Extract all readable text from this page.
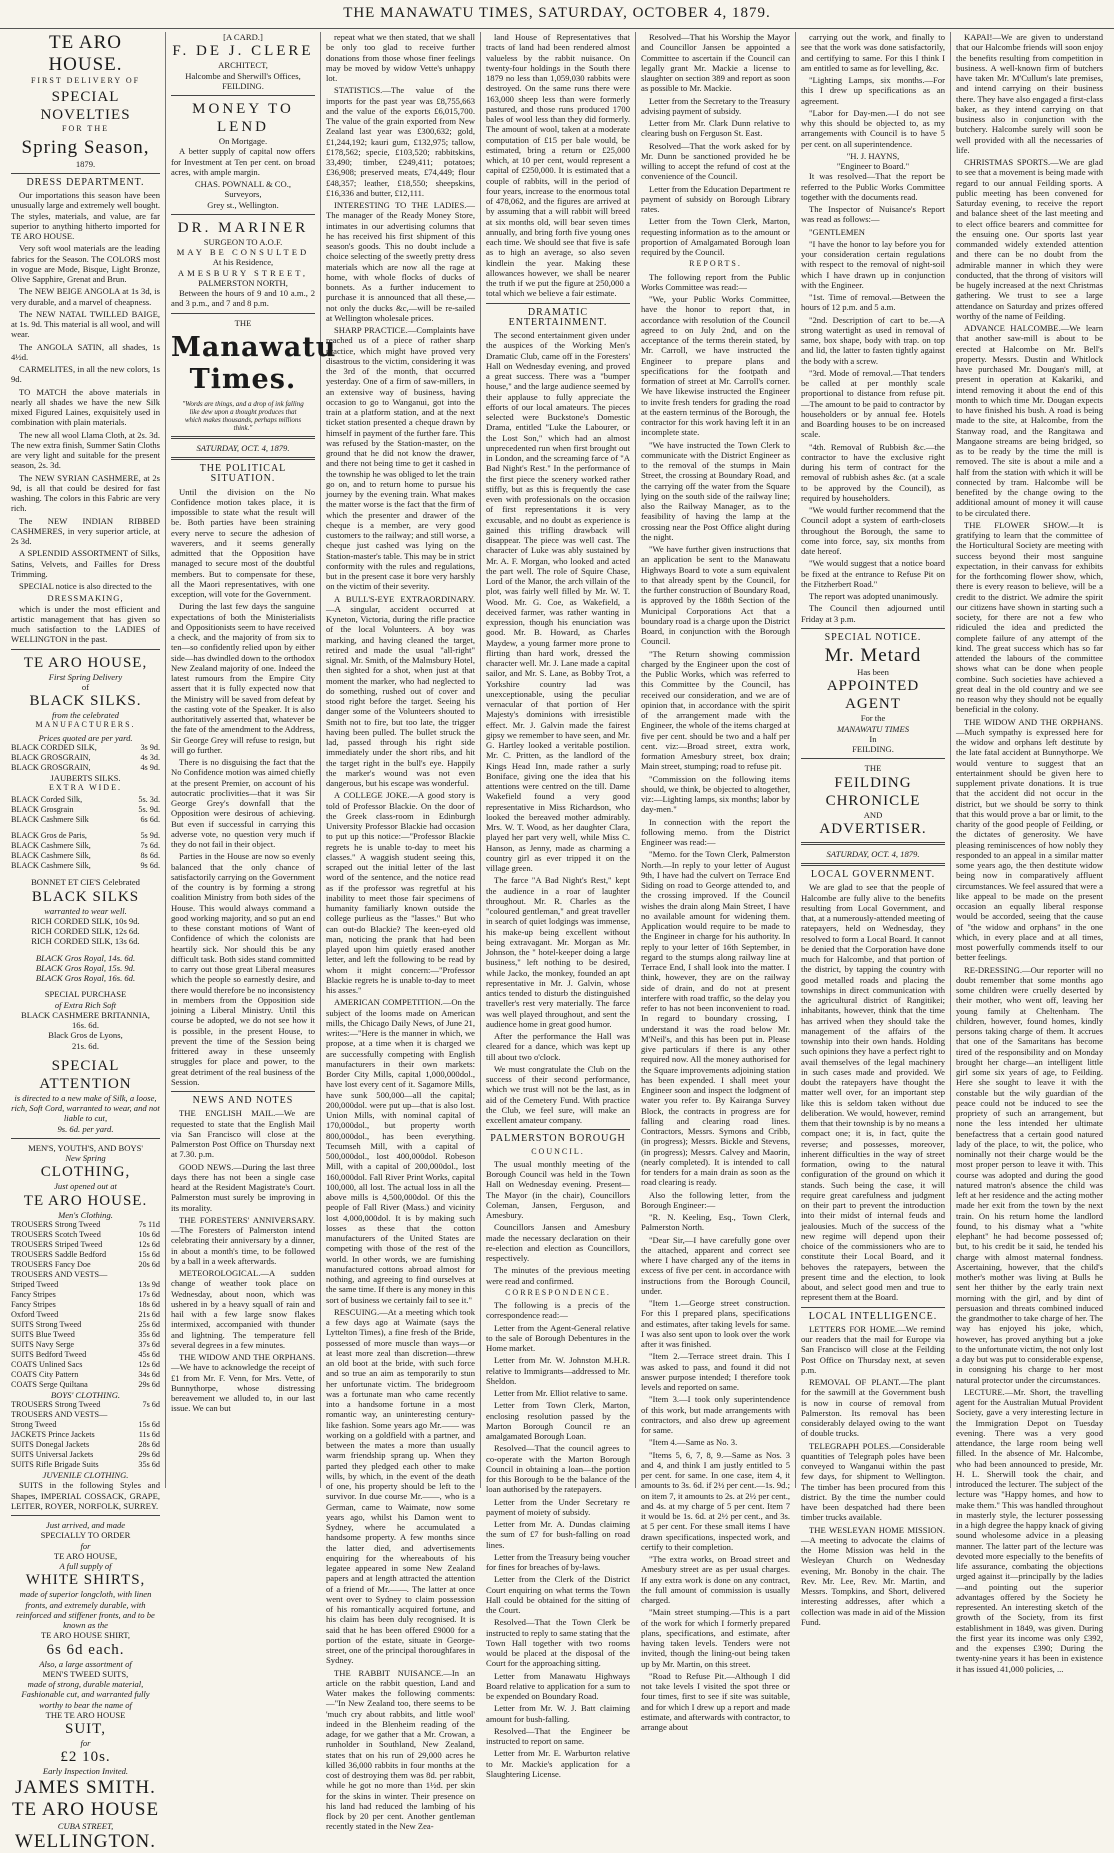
THE MANAWATU TIMES, SATURDAY, OCTOBER 4, 1879.
TE ARO HOUSE.
FIRST DELIVERY OF
SPECIAL NOVELTIES
FOR THE
Spring Season,
1879.
DRESS DEPARTMENT.

Our importations this season have been unusually large and extremely well bought. The styles, materials, and value, are far superior to anything hitherto imported for TE ARO HOUSE.

Very soft wool materials are the leading fabrics for the Season. The COLORS most in vogue are Mode, Bisque, Light Bronze, Olive Sapphire, Grenat and Brun.

The NEW BEIGE ANGOLA at 1s 3d, is very durable, and a marvel of cheapness.

The NEW NATAL TWILLED BAIGE, at 1s. 9d. This material is all wool, and will wear.

The ANGOLA SATIN, all shades, 1s 4½d.

CARMELITES, in all the new colors, 1s 9d.

TO MATCH the above materials in nearly all shades we have the new Silk mixed Figured Laines, exquisitely used in combination with plain materials.

The new all wool Llama Cloth, at 2s. 3d. The new extra finish, Summer Satin Cloths are very light and suitable for the present season, 2s. 3d.

The NEW SYRIAN CASHMERE, at 2s 9d, is all that could be desired for fast washing. The colors in this Fabric are very rich.

The NEW INDIAN RIBBED CASHMERES, in very superior article, at 2s 3d.

A SPLENDID ASSORTMENT of Silks, Satins, Velvets, and Failles for Dress Trimming.

SPECIAL notice is also directed to the

DRESSMAKING,

which is under the most efficient and artistic management that has given so much satisfaction to the LADIES of WELLINGTON in the past.

TE ARO HOUSE,
First Spring Delivery
of
BLACK SILKS.
from the celebrated
MANUFACTURERS.
Prices quoted are per yard.
BLACK CORDED SILK,	3s 9d.
BLACK GROSGRAIN,	4s 3d.
BLACK GROSGRAIN,	4s 9d.
JAUBERTS SILKS.
EXTRA WIDE.
BLACK Corded Silk,	5s. 3d.
BLACK Grosgrain	5s. 9d.
BLACK Cashmere Silk	6s 6d.
BLACK Gros de Paris,	5s 9d.
BLACK Cashmere Silk,	7s 6d.
BLACK Cashmere Silk,	8s 6d.
BLACK Cashmere Silk,	9s 6d.
BONNET ET CIE'S Celebrated
BLACK SILKS
warranted to wear well.
RICH CORDED SILK, 10s 9d.
RICH CORDED SILK, 12s 6d.
RICH CORDED SILK, 13s 6d.
BLACK Gros Royal, 14s. 6d.
BLACK Gros Royal, 15s. 9d.
BLACK Gros Royal, 16s. 6d.
SPECIAL PURCHASE
of Extra Rich Soft
BLACK CASHMERE BRITANNIA,
16s. 6d.
Black Gros de Lyons,
21s. 6d.
SPECIAL ATTENTION
is directed to a new make of Silk, a loose, rich, Soft Cord, warranted to wear, and not liable to cut,
9s. 6d. per yard.
MEN'S, YOUTH'S, AND BOYS'
New Spring
CLOTHING,
Just opened out at
TE ARO HOUSE.
Men's Clothing.
TROUSERS Strong Tweed	7s 11d
TROUSERS Scotch Tweed	10s 6d
TROUSERS Striped Tweed	12s 6d
TROUSERS Saddle Bedford	15s 6d
TROUSERS Fancy Doe	20s 6d
TROUSERS AND VESTS—
Striped Tweed	13s 9d
Fancy Stripes	17s 6d
Fancy Stripes	18s 6d
Oxford Tweed	21s 6d
SUITS Strong Tweed	25s 6d
SUITS Blue Tweed	35s 6d
SUITS Navy Serge	37s 6d
SUITS Bedford Tweed	45s 6d
COATS Unlined Sacs	12s 6d
COATS City Pattern	34s 6d
COATS Serge Quiltana	29s 6d
BOYS' CLOTHING.
TROUSERS Strong Tweed	7s 6d
TROUSERS AND VESTS—
Strong Tweed	15s 6d
JACKETS Prince Jackets	11s 6d
SUITS Donegal Jackets	28s 6d
SUITS Universal Jackets	29s 6d
SUITS Rifle Brigade Suits	35s 6d
JUVENILE CLOTHING.

SUITS in the following Styles and Shapes, IMPERIAL COSSACK, GRAPE, LEITER, ROYER, NORFOLK, SURREY.

Just arrived, and made
SPECIALLY TO ORDER
for
TE ARO HOUSE,
A full supply of
WHITE SHIRTS,
made of superior longcloth, with linen fronts, and extremely durable, with reinforced and stiffener fronts, and to be known as the
TE ARO HOUSE SHIRT,
6s 6d each.
Also, a large assortment of
MEN'S TWEED SUITS,
made of strong, durable material, Fashionable cut, and warranted fully worthy to bear the name of
THE TE ARO HOUSE
SUIT,
for
£2 10s.
Early Inspection Invited.
JAMES SMITH.
TE ARO HOUSE
CUBA STREET,
WELLINGTON.
[A CARD.]
F. DE J. CLERE
ARCHITECT,
Halcombe and Sherwill's Offices,
FEILDING.
MONEY TO LEND
On Mortgage.

A better supply of capital now offers for Investment at Ten per cent. on broad acres, with ample margin.

CHAS. POWNALL & CO.,
Surveyors,
Grey st., Wellington.
DR. MARINER
SURGEON TO A.O.F.
MAY BE CONSULTED
At his Residence,
AMESBURY STREET,
PALMERSTON NORTH,

Between the hours of 9 and 10 a.m., 2 and 3 p.m., and 7 and 8 p.m.

THE
Manawatu Times.
"Words are things, and a drop of ink falling like dew upon a thought produces that which makes thousands, perhaps millions think."
SATURDAY, OCT. 4, 1879.
THE POLITICAL SITUATION.

Until the division on the No Confidence motion takes place, it is impossible to state what the result will be. Both parties have been straining every nerve to secure the adhesion of waverers, and it seems generally admitted that the Opposition have managed to secure most of the doubtful members. But to compensate for these, all the Maori representatives, with one exception, will vote for the Government.

During the last few days the sanguine expectations of both the Ministerialists and Oppositionists seem to have received a check, and the majority of from six to ten—so confidently relied upon by either side—has dwindled down to the orthodox New Zealand majority of one. Indeed the latest rumours from the Empire City assert that it is fully expected now that the Ministry will be saved from defeat by the casting vote of the Speaker. It is also authoritatively asserted that, whatever be the fate of the amendment to the Address, Sir George Grey will refuse to resign, but will go further.

There is no disguising the fact that the No Confidence motion was aimed chiefly at the present Premier, on account of his autocratic proclivities—that it was Sir George Grey's downfall that the Opposition were desirous of achieving. But even if successful in carrying this adverse vote, no question very much if they do not fail in their object.

Parties in the House are now so evenly balanced that the only chance of satisfactorily carrying on the Government of the country is by forming a strong coalition Ministry from both sides of the House. This would always command a good working majority, and so put an end to these constant motions of Want of Confidence of which the colonists are heartily sick. Nor should this be any difficult task. Both sides stand committed to carry out those great Liberal measures which the people so earnestly desire, and there would therefore be no inconsistency in members from the Opposition side joining a Liberal Ministry. Until this course be adopted, we do not see how it is possible, in the present House, to prevent the time of the Session being frittered away in these unseemly struggles for place and power, to the great detriment of the real business of the Session.

NEWS AND NOTES

THE ENGLISH MAIL.—We are requested to state that the English Mail via San Francisco will close at the Palmerston Post Office on Thursday next at 7.30. p.m.

GOOD NEWS.—During the last three days there has not been a single case heard at the Resident Magistrate's Court. Palmerston must surely be improving in its morality.

THE FORESTERS' ANNIVERSARY.—The Foresters of Palmerston intend celebrating their anniversary by a dinner, in about a month's time, to be followed by a ball in a week afterwards.

METEOROLOGICAL.—A sudden change of weather took place on Wednesday, about noon, which was ushered in by a heavy squall of rain and hail with a few large snow flakes intermixed, accompanied with thunder and lightning. The temperature fell several degrees in a few minutes.

THE WIDOW AND THE ORPHANS.—We have to acknowledge the receipt of £1 from Mr. F. Venn, for Mrs. Vette, of Bunnythorpe, whose distressing bereavement we alluded to, in our last issue. We can but

repeat what we then stated, that we shall be only too glad to receive further donations from those whose finer feelings may be moved by widow Vette's unhappy lot.

STATISTICS.—The value of the imports for the past year was £8,755,663 and the value of the exports £6,015,700. The value of the grain exported from New Zealand last year was £300,632; gold, £1,244,192; kauri gum, £132,975; tallow, £178,562; specie, £103,520; rabbitskins, 33,490; timber, £249,411; potatoes; £36,908; preserved meats, £74,449; flour £48,357; leather, £18,550; sheepskins, £16,336 and butter, £12,111.

INTERESTING TO THE LADIES.—The manager of the Ready Money Store, intimates in our advertising columns that he has received his first shipment of this season's goods. This no doubt include a choice selecting of the sweetly pretty dress materials which are now all the rage at home, with whole flocks of ducks of bonnets. As a further inducement to purchase it is announced that all these,—not only the ducks &c,—will be re-sailed at Wellington wholesale prices.

SHARP PRACTICE.—Complaints have reached us of a piece of rather sharp practice, which might have proved very disastrous to the victim, considering it was the 3rd of the month, that occurred yesterday. One of a firm of saw-millers, in an extensive way of business, having occasion to go to Wanganui, got into the train at a platform station, and at the next ticket station presented a cheque drawn by himself in payment of the further fare. This was refused by the Station-master, on the ground that he did not know the drawer, and there not being time to get it cashed in the township he was obliged to let the train go on, and to return home to pursue his journey by the evening train. What makes the matter worse is the fact that the firm of which the presenter and drawer of the cheque is a member, are very good customers to the railway; and still worse, a cheque just cashed was lying on the Station-master's table. This may be in strict conformity with the rules and regulations, but in the present case it bore very harshly on the victim of their severity.

A BULL'S-EYE EXTRAORDINARY.—A singular, accident occurred at Kyneton, Victoria, during the rifle practice of the local Volunteers. A boy was marking, and having cleaned the target, retired and made the usual "all-right" signal. Mr. Smith, of the Malmsbury Hotel, then sighted for a shot, when just at that moment the marker, who had neglected to do something, rushed out of cover and stood right before the target. Seeing his danger some of the Volunteers shouted to Smith not to fire, but too late, the trigger having been pulled. The bullet struck the lad, passed through his right side immediately under the short ribs, and hit the target right in the bull's eye. Happily the marker's wound was not even dangerous, but his escape was wonderful.

A COLLEGE JOKE.—A good story is told of Professor Blackie. On the door of the Greek class-room in Edinburgh University Professor Blackie had occasion to put up this notice:—"Professor Blackie regrets he is unable to-day to meet his classes." A waggish student seeing this, scraped out the initial letter of the last word of the sentence, and the notice read as if the professor was regretful at his inability to meet those fair specimens of humanity familiarly known outside the college purlieus as the "lasses." But who can out-do Blackie? The keen-eyed old man, noticing the prank that had been played upon him quietly erased another letter, and left the following to be read by whom it might concern:—"Professor Blackie regrets he is unable to-day to meet his asses."

AMERICAN COMPETITION.—On the subject of the looms made on American mills, the Chicago Daily News, of June 21, writes:—"Here is the manner in which, we propose, at a time when it is charged we are successfully competing with English manufacturers in their own markets: Border City Mills, capital 1,000,000dol., have lost every cent of it. Sagamore Mills, have sunk 500,000—all the capital; 200,000dol. were put up—that is also lost. Union Mills, with nominal capital of 170,000dol., but property worth 800,000dol., has been everything. Tecumseh Mill, with a capital of 500,000dol., lost 400,000dol. Robeson Mill, with a capital of 200,000dol., lost 160,000dol. Fall River Print Works, capital 100,000, all lost. The actual loss in all the above mills is 4,500,000dol. Of this the people of Fall River (Mass.) and vicinity lost 4,000,000dol. It is by making such losses as these that the cotton manufacturers of the United States are competing with those of the rest of the world. In other words, we are furnishing manufactured cottons abroad almost for nothing, and agreeing to find ourselves at the same time. If there is any money in this sort of business we certainly fail to see it."

RESCUING.—At a meeting which took a few days ago at Waimate (says the Lyttelton Times), a fine fresh of the Bride, possessed of more muscle than ways—or at least more zeal than discretion—threw an old boot at the bride, with such force and so true an aim as temporarily to stun her unfortunate victim. The bridegroom was a fortunate man who came recently into a handsome fortune in a most romantic way, an uninteresting century-like fashion. Some years ago Mr.—— was working on a goldfield with a partner, and between the mates a more than usually warm friendship sprang up. When they parted they pledged each other to make wills, by which, in the event of the death of one, his property should be left to the survivor. In due course Mr.——, who is a German, came to Waimate, now some years ago, whilst his Damon went to Sydney, where he accumulated a handsome property. A few months since the latter died, and advertisements enquiring for the whereabouts of his legatee appeared in some New Zealand papers and at length attracted the attention of a friend of Mr.——. The latter at once went over to Sydney to claim possession of his romantically acquired fortune, and his claim has been duly recognised. It is said that he has been offered £9000 for a portion of the estate, situate in George-street, one of the principal thoroughfares in Sydney.

THE RABBIT NUISANCE.—In an article on the rabbit question, Land and Water makes the following comments:—"In New Zealand too, there seems to be 'much cry about rabbits, and little wool' indeed in the Blenheim reading of the adage, for we gather that a Mr. Crowan, a runholder in Southland, New Zealand, states that on his run of 29,000 acres he killed 36,000 rabbits in four months at the cost of destroying them was 8d. per rabbit, while he got no more than 1½d. per skin for the skins in winter. Their presence on his land had reduced the lambing of his flock by 20 per cent. Another gentleman recently stated in the New Zea-

land House of Representatives that tracts of land had been rendered almost valueless by the rabbit nuisance. On twenty-four holdings in the South there 1879 no less than 1,059,030 rabbits were destroyed. On the same runs there were 163,000 sheep less than were formerly pastured, and those runs produced 1700 bales of wool less than they did formerly. The amount of wool, taken at a moderate computation of £15 per bale would, be estimated, bring a return or £25,000 which, at 10 per cent, would represent a capital of £250,000. It is estimated that a couple of rabbits, will in the period of four years, increase to the enormous total of 478,062, and the figures are arrived at by assuming that a will rabbit will breed at six months old, will bear seven times annually, and bring forth five young ones each time. We should see that five is safe as to high an average, so also seven kindlein the year. Making these allowances however, we shall be nearer the truth if we put the figure at 250,000 a total which we believe a fair estimate.

DRAMATIC ENTERTAINMENT.

The second entertainment given under the auspices of the Working Men's Dramatic Club, came off in the Foresters' Hall on Wednesday evening, and proved a great success. There was a "bumper house," and the large audience seemed by their applause to fully appreciate the efforts of our local amateurs. The pieces selected were Buckstone's Domestic Drama, entitled "Luke the Labourer, or the Lost Son," which had an almost unprecedented run when first brought out in London, and the screaming farce of "A Bad Night's Rest." In the performance of the first piece the scenery worked rather stiffly, but as this is frequently the case even with professionals on the occasion of first representations it is very excusable, and no doubt as experience is gained this trifling drawback will disappear. The piece was well cast. The character of Luke was ably sustained by Mr. A. F. Morgan, who looked and acted the part well. The role of Squire Chase, Lord of the Manor, the arch villain of the plot, was fairly well filled by Mr. W. T. Wood. Mr. G. Coe, as Wakefield, a deceived farmer, was rather wanting in expression, though his enunciation was good. Mr. B. Howard, as Charles Maydew, a young farmer more prone to flirting than hard work, dressed the character well. Mr. J. Lane made a capital sailor, and Mr. S. Lane, as Bobby Trot, a Yorkshire country lad was unexceptionable, using the peculiar vernacular of that portion of Her Majesty's dominions with irresistible effect. Mr. J. Galvin made the fairest gipsy we remember to have seen, and Mr. G. Hartley looked a veritable postilion. Mr. C. Pritten, as the landlord of the Kings Head Inn, made rather a surly Boniface, giving one the idea that his attentions were centred on the till. Dame Wakefield found a very good representative in Miss Richardson, who looked the bereaved mother admirably. Mrs. W. T. Wood, as her daughter Clara, played her part very well, while Miss C. Hanson, as Jenny, made as charming a country girl as ever tripped it on the village green.

The farce "A Bad Night's Rest," kept the audience in a roar of laughter throughout. Mr. R. Charles as the "coloured gentleman," and great traveller in search of quiet lodgings was immense, his make-up being excellent without being extravagant. Mr. Morgan as Mr. Johnson, the " hotel-keeper doing a large business," left nothing to be desired, while Jacko, the monkey, founded an apt representative in Mr. J. Galvin, whose antics tended to disturb the distinguished traveller's rest very materially. The farce was well played throughout, and sent the audience home in great good humor.

After the performance the Hall was cleared for a dance, which was kept up till about two o'clock.

We must congratulate the Club on the success of their second performance, which we trust will not be the last, as in aid of the Cemetery Fund. With practice the Club, we feel sure, will make an excellent amateur company.

PALMERSTON BOROUGH
COUNCIL.

The usual monthly meeting of the Borough Council was held in the Town Hall on Wednesday evening. Present—The Mayor (in the chair), Councillors Coleman, Jansen, Ferguson, and Amesbury.

Councillors Jansen and Amesbury made the necessary declaration on their re-election and election as Councillors, respectively.

The minutes of the previous meeting were read and confirmed.

CORRESPONDENCE.

The following is a precis of the correspondence read:—

Letter from the Agent-General relative to the sale of Borough Debentures in the Home market.

Letter from Mr. W. Johnston M.H.R. relative to Immigrants—addressed to Mr. Sheldon.

Letter from Mr. Elliot relative to same.

Letter from Town Clerk, Marton, enclosing resolution passed by the Marton Borough Council re an amalgamated Borough Loan.

Resolved—That the council agrees to co-operate with the Marton Borough Council in obtaining a loan—the portion for this Borough to be the balance of the loan authorised by the ratepayers.

Letter from the Under Secretary re payment of moiety of subsidy.

Letter from Mr. A. Dundas claiming the sum of £7 for bush-falling on road lines.

Letter from the Treasury being voucher for fines for breaches of by-laws.

Letter from the Clerk of the District Court enquiring on what terms the Town Hall could be obtained for the sitting of the Court.

Resolved—That the Town Clerk be instructed to reply to same stating that the Town Hall together with two rooms would be placed at the disposal of the Court for the approaching sitting.

Letter from Manawatu Highways Board relative to application for a sum to be expended on Boundary Road.

Letter from Mr. W. J. Batt claiming amount for bush-falling.

Resolved—That the Engineer be instructed to report on same.

Letter from Mr. E. Warburton relative to Mr. Mackie's application for a Slaughtering License.

Resolved—That his Worship the Mayor and Councillor Jansen be appointed a Committee to ascertain if the Council can legally grant Mr. Mackie a license to slaughter on section 389 and report as soon as possible to Mr. Mackie.

Letter from the Secretary to the Treasury advising payment of subsidy.

Letter from Mr. Clark Dunn relative to clearing bush on Ferguson St. East.

Resolved—That the work asked for by Mr. Dunn be sanctioned provided he be willing to accept the refund of cost at the convenience of the Council.

Letter from the Education Department re payment of subsidy on Borough Library rates.

Letter from the Town Clerk, Marton, requesting information as to the amount or proportion of Amalgamated Borough loan required by the Council.

REPORTS.

The following report from the Public Works Committee was read:—

"We, your Public Works Committee, have the honor to report that, in accordance with resolution of the Council agreed to on July 2nd, and on the acceptance of the terms therein stated, by Mr. Carroll, we have instructed the Engineer to prepare plans and specifications for the footpath and formation of street at Mr. Carroll's corner. We have likewise instructed the Engineer to invite fresh tenders for grading the road at the eastern terminus of the Borough, the contractor for this work having left it in an incomplete state.

"We have instructed the Town Clerk to communicate with the District Engineer as to the removal of the stumps in Main Street, the crossing at Boundary Road, and the carrying off the water from the Square lying on the south side of the railway line; also the Railway Manager, as to the feasibility of having the lamp at the crossing near the Post Office alight during the night.

"We have further given instructions that an application be sent to the Manawatu Highways Board to vote a sum equivalent to that already spent by the Council, for the further construction of Boundary Road, is approved by the 188th Section of the Municipal Corporations Act that a boundary road is a charge upon the District Board, in conjunction with the Borough Council.

"The Return showing commission charged by the Engineer upon the cost of the Public Works, which was referred to this Committee by the Council, has received our consideration, and we are of opinion that, in accordance with the spirit of the arrangement made with the Engineer, the whole of the items charged at five per cent. should be two and a half per cent. viz:—Broad street, extra work, formation Amesbury street, box drain; Main street, stumping; road to refuse pit.

"Commission on the following items should, we think, be objected to altogether, viz:—Lighting lamps, six months; labor by day-men."

In connection with the report the following memo. from the District Engineer was read:—

"Memo. for the Town Clerk, Palmerston North.—In reply to your letter of August 9th, I have had the culvert on Terrace End Siding on road to George attended to, and the crossing improved. If the Council wishes the drain along Main Street, I have no available amount for widening them. Application would require to be made to the Engineer in charge for his authority. In reply to your letter of 16th September, in regard to the stumps along railway line at Terrace End, I shall look into the matter. I think, however, they are on the railway side of drain, and do not at present interfere with road traffic, so the delay you refer to has not been inconvenient to road. In regard to boundary crossing, I understand it was the road below Mr. M'Neil's, and this has been put in. Please give particulars if there is any other required now. All the money authorised for the Square improvements adjoining station has been expended. I shall meet your Engineer soon and inspect the lodgment of water you refer to. By Kairanga Survey Block, the contracts in progress are for falling and clearing road lines. Contractors, Messrs. Symons and Cribb, (in progress); Messrs. Bickle and Stevens, (in progress); Messrs. Calvey and Maorin, (nearly completed). It is intended to call for tenders for a main drain as soon as the road clearing is ready.

Also the following letter, from the Borough Engineer:—

"R. N. Keeling, Esq., Town Clerk, Palmerston North.

"Dear Sir,—I have carefully gone over the attached, apparent and correct see where I have charged any of the items in excess of five per cent. in accordance with instructions from the Borough Council, under.

"Item 1.—George street construction. For this I prepared plans, specifications and estimates, after taking levels for same. I was also sent upon to look over the work after it was finished.

"Item 2.—Terrace street drain. This I was asked to pass, and found it did not answer purpose intended; I therefore took levels and reported on same.

"Item 3.—I took only superintendence of this work, but made arrangements with contractors, and also drew up agreement for same.

"Item 4.—Same as No. 3.

"Items 5, 6, 7, 8, 9.—Same as Nos. 3 and 4, and think I am justly entitled to 5 per cent. for same. In one case, item 4, it amounts to 3s. 6d. if 2½ per cent.—1s. 9d.; on item 7, it amounts to 2s. at 2½ per cent., and 4s. at my charge of 5 per cent. Item 7 it would be 1s. 6d. at 2½ per cent., and 3s. at 5 per cent. For these small items I have drawn specifications, inspected work, and certify to their completion.

"The extra works, on Broad street and Amesbury street are as per usual charges. If any extra work is done on any contract, the full amount of commission is usually charged.

"Main street stumping.—This is a part of the work for which I formerly prepared plans, specifications, and estimate, after having taken levels. Tenders were not invited, though the lining-out being taken up by Mr. Martin, on this street.

"Road to Refuse Pit.—Although I did not take levels I visited the spot three or four times, first to see if site was suitable, and for which I drew up a report and made estimate, and afterwards with contractor, to arrange about

carrying out the work, and finally to see that the work was done satisfactorily, and certifying to same. For this I think I am entitled to same as for levelling, &c.

"Lighting Lamps, six months.—For this I drew up specifications as an agreement.

"Labor for Day-men.—I do not see why this should be objected to, as my arrangements with Council is to have 5 per cent. on all superintendence.

"H. J. HAYNS,
"Engineer to Board."

It was resolved—That the report be referred to the Public Works Committee together with the documents read.

The Inspector of Nuisance's Report was read as follows:—

"GENTLEMEN

"I have the honor to lay before you for your consideration certain regulations with respect to the removal of night-soil which I have drawn up in conjunction with the Engineer.

"1st. Time of removal.—Between the hours of 12 p.m. and 5 a.m.

"2nd. Description of cart to be.—A strong watertight as used in removal of same, box shape, body with trap. on top and lid, the latter to fasten tightly against the body with a screw.

"3rd. Mode of removal.—That tenders be called at per monthly scale proportional to distance from refuse pit.—The amount to be paid to contractor by householders or by annual fee. Hotels and Boarding houses to be on increased scale.

"4th. Removal of Rubbish &c.—the contractor to have the exclusive right during his term of contract for the removal of rubbish ashes &c. (at a scale to be approved by the Council), as required by householders.

"We would further recommend that the Council adopt a system of earth-closets throughout the Borough, the same to come into force, say, six months from date hereof.

"We would suggest that a notice board be fixed at the entrance to Refuse Pit on the Fitzherbert Road."

The report was adopted unanimously.

The Council then adjourned until Friday at 3 p.m.

SPECIAL NOTICE.
Mr. Metard
Has been
APPOINTED AGENT
For the
MANAWATU TIMES
In
FEILDING.
THE
FEILDING CHRONICLE
AND
ADVERTISER.
SATURDAY, OCT. 4, 1879.
LOCAL GOVERNMENT.

We are glad to see that the people of Halcombe are fully alive to the benefits resulting from Local Government, and that, at a numerously-attended meeting of ratepayers, held on Wednesday, they resolved to form a Local Board. It cannot be denied that the Corporation have done much for Halcombe, and that portion of the district, by tapping the country with good metalled roads and placing the townships in direct communication with the agricultural district of Rangitikei; inhabitants, however, think that the time has arrived when they should take the management of the affairs of the township into their own hands. Holding such opinions they have a perfect right to avail themselves of the legal machinery in such cases made and provided. We doubt the ratepayers have thought the matter well over, for an important step like this is seldom taken without due deliberation. We would, however, remind them that their township is by no means a compact one; it is, in fact, quite the reverse; and possesses, moreover, inherent difficulties in the way of street formation, owing to the natural configuration of the ground on which it stands. Such being the case, it will require great carefulness and judgment on their part to prevent the introduction into their midst of internal feuds and jealousies. Much of the success of the new regime will depend upon their choice of the commissioners who are to constitute their Local Board, and it behoves the ratepayers, between the present time and the election, to look about, and select good men and true to represent them at the Board.

LOCAL INTELLIGENCE.

LETTERS FOR HOME.—We remind our readers that the mail for Europe via San Francisco will close at the Feilding Post Office on Thursday next, at seven p.m.

REMOVAL OF PLANT.—The plant for the sawmill at the Government bush is now in course of removal from Palmerston. Its removal has been considerably delayed owing to the want of double trucks.

TELEGRAPH POLES.—Considerable quantities of Telegraph poles have been conveyed to Wanganui within the past few days, for shipment to Wellington. The timber has been procured from this district. By the time the number could have been despatched had there been timber trucks available.

THE WESLEYAN HOME MISSION.—A meeting to advocate the claims of the Home Mission was held in the Wesleyan Church on Wednesday evening, Mr. Bonoby in the chair. The Rev. Mr. Lee, Rev. Mr. Martin, and Messrs. Tompkins, and Short, delivered interesting addresses, after which a collection was made in aid of the Mission Fund.

KAPAI!—We are given to understand that our Halcombe friends will soon enjoy the benefits resulting from competition in business. A well-known firm of butchers have taken Mr. M'Cullum's late premises, and intend carrying on their business there. They have also engaged a first-class baker, as they intend carrying on that business also in conjunction with the butchery. Halcombe surely will soon be well provided with all the necessaries of life.

CHRISTMAS SPORTS.—We are glad to see that a movement is being made with regard to our annual Feilding sports. A public meeting has been convened for Saturday evening, to receive the report and balance sheet of the last meeting and to elect office bearers and committee for the ensuing one. Our sports last year commanded widely extended attention and there can be no doubt from the admirable manner in which they were conducted, that the throng of visitors will be hugely increased at the next Christmas gathering. We trust to see a large attendance on Saturday and prizes offered worthy of the name of Feilding.

ADVANCE HALCOMBE.—We learn that another saw-mill is about to be erected at Halcombe on Mr. Bell's property. Messrs. Dustin and Whitlock have purchased Mr. Dougan's mill, at present in operation at Kakariki, and intend removing it about the end of this month to which time Mr. Dougan expects to have finished his bush. A road is being made to the site, at Halcombe, from the Stanway road, and the Rangitawa and Mangaone streams are being bridged, so as to be ready by the time the mill is removed. The site is about a mile and a half from the station with which it will be connected by tram. Halcombe will be benefited by the change owing to the additional amount of money it will cause to be circulated there.

THE FLOWER SHOW.—It is gratifying to learn that the committee of the Horticultural Society are meeting with success beyond their most sanguine expectation, in their canvass for exhibits for the forthcoming flower show, which, there is every reason to believe, will be a credit to the district. We admire the spirit our citizens have shown in starting such a society, for there are not a few who ridiculed the idea and predicted the complete failure of any attempt of the kind. The great success which has so far attended the labours of the committee shows what can be done when people combine. Such societies have achieved a great deal in the old country and we see no reason why they should not be equally beneficial in the colony.

THE WIDOW AND THE ORPHANS.—Much sympathy is expressed here for the widow and orphans left destitute by the late fatal accident at Bunnythorpe. We would venture to suggest that an entertainment should be given here to supplement private donations. It is true that the accident did not occur in the district, but we should be sorry to think that this would prove a bar or limit, to the charity of the good people of Feilding, or the dictates of generosity. We have pleasing reminiscences of how nobly they responded to an appeal in a similar matter some years ago, the then destitute widow being now in comparatively affluent circumstances. We feel assured that were a like appeal to be made on the present occasion an equally liberal response would be accorded, seeing that the cause of "the widow and orphans" in the one which, in every place and at all times, most powerfully commends itself to our better feelings.

RE-DRESSING.—Our reporter will no doubt remember that some months ago some children were cruelly deserted by their mother, who went off, leaving her young family at Cheltenham. The children, however, found homes, kindly persons taking charge of them. It accrues that one of the Samaritans has become tired of the responsibility and on Monday brought her charge—an intelligent little girl some six years of age, to Feilding. Here she sought to leave it with the constable but the wily guardian of the peace could not be induced to see the propriety of such an arrangement, but none the less intended her ultimate benefactress that a certain good natured lady of the place, to wit, the police, who nominally not their charge would be the most proper person to leave it with. This course was adopted and during the good natured matron's absence the child was left at her residence and the acting mother made her exit from the town by the next train. On his return home the landlord found, to his dismay what a "white elephant" he had become possessed of; but, to his credit be it said, he tended his charge with almost maternal fondness. Ascertaining, however, that the child's mother's mother was living at Bulls he sent her thither by the early train next morning with the girl, and by dint of persuasion and threats combined induced the grandmother to take charge of her. The way has enjoyed his joke, which, however, has proved anything but a joke to the unfortunate victim, the not only lost a day but was put to considerable expense, in consigning his charge to her most natural protector under the circumstances.

LECTURE.—Mr. Short, the travelling agent for the Australian Mutual Provident Society, gave a very interesting lecture in the Immigration Depot on Tuesday evening. There was a very good attendance, the large room being well filled. In the absence of Mr. Halcombe, who had been announced to preside, Mr. H. L. Sherwill took the chair, and introduced the lecturer. The subject of the lecture was "Happy homes, and how to make them." This was handled throughout in masterly style, the lecturer possessing in a high degree the happy knack of giving sound wholesome advice in a pleasing manner. The latter part of the lecture was devoted more especially to the benefits of life assurance, combating the objections urged against it—principally by the ladies—and pointing out the superior advantages offered by the Society he represented. An interesting sketch of the growth of the Society, from its first establishment in 1849, was given. During the first year its income was only £392, and the expenses £390; During the twenty-nine years it has been in existence it has issued 41,000 policies, ...
